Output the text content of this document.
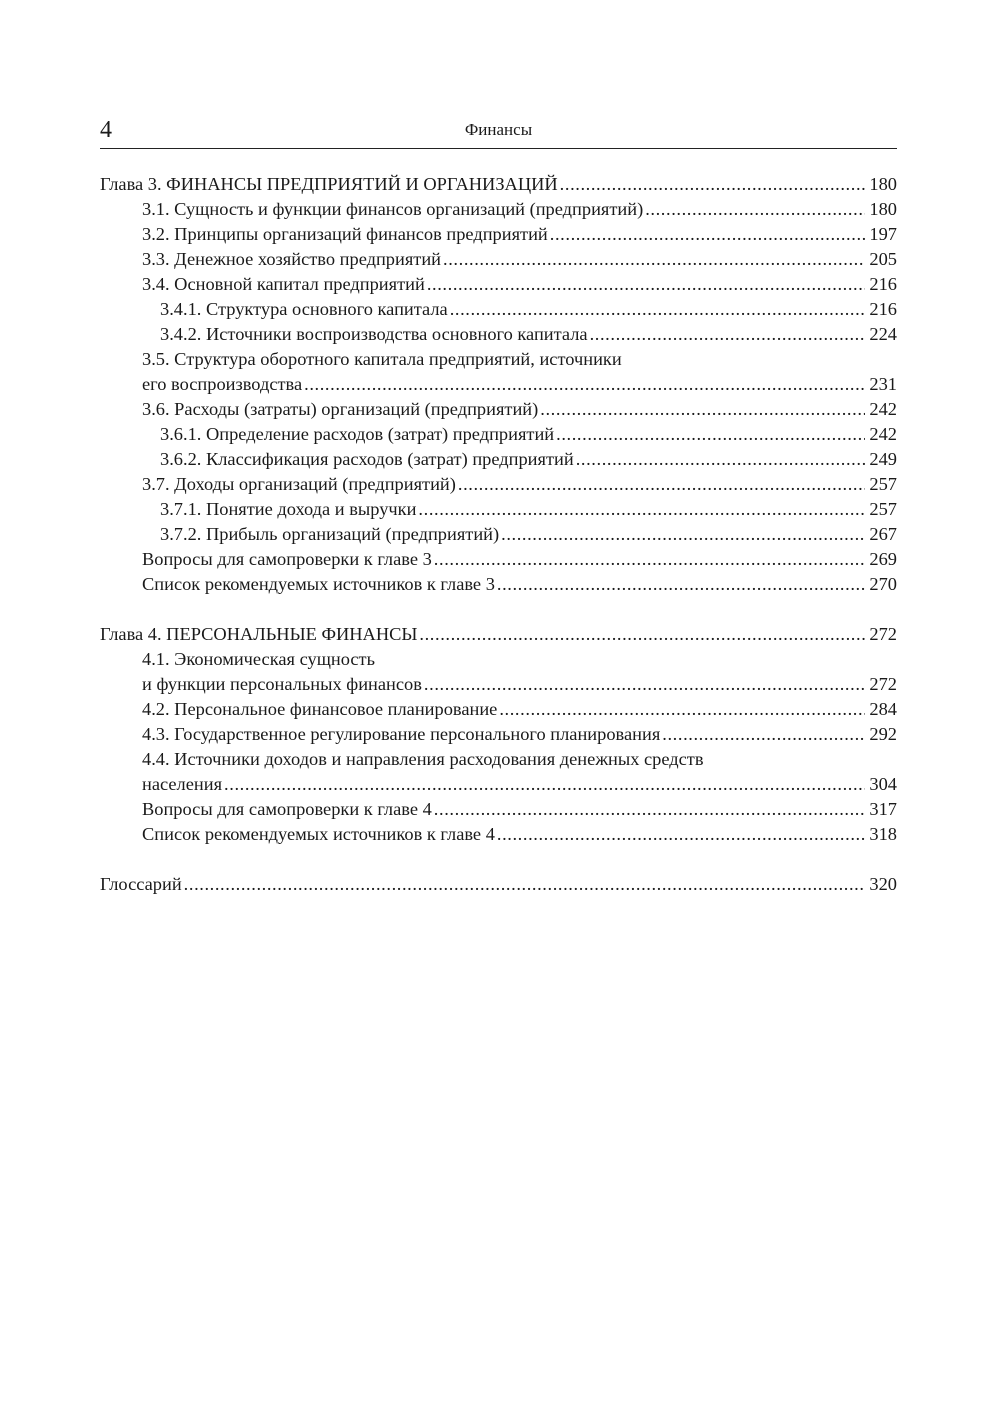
4	Финансы
Глава 3. ФИНАНСЫ ПРЕДПРИЯТИЙ И ОРГАНИЗАЦИЙ .....	180
3.1. Сущность и функции финансов организаций (предприятий) .....	180
3.2. Принципы организаций финансов предприятий .....	197
3.3. Денежное хозяйство предприятий .....	205
3.4. Основной капитал предприятий .....	216
3.4.1. Структура основного капитала .....	216
3.4.2. Источники воспроизводства основного капитала .....	224
3.5. Структура оборотного капитала предприятий, источники
его воспроизводства .....	231
3.6. Расходы (затраты) организаций (предприятий) .....	242
3.6.1. Определение расходов (затрат) предприятий .....	242
3.6.2. Классификация расходов (затрат) предприятий .....	249
3.7. Доходы организаций (предприятий) .....	257
3.7.1. Понятие дохода и выручки .....	257
3.7.2. Прибыль организаций (предприятий) .....	267
Вопросы для самопроверки к главе 3 .....	269
Список рекомендуемых источников к главе 3 .....	270
Глава 4. ПЕРСОНАЛЬНЫЕ ФИНАНСЫ .....	272
4.1. Экономическая сущность
и функции персональных финансов .....	272
4.2. Персональное финансовое планирование .....	284
4.3. Государственное регулирование персонального планирования .....	292
4.4. Источники доходов и направления расходования денежных средств
населения .....	304
Вопросы для самопроверки к главе 4 .....	317
Список рекомендуемых источников к главе 4 .....	318
Глоссарий .....	320
